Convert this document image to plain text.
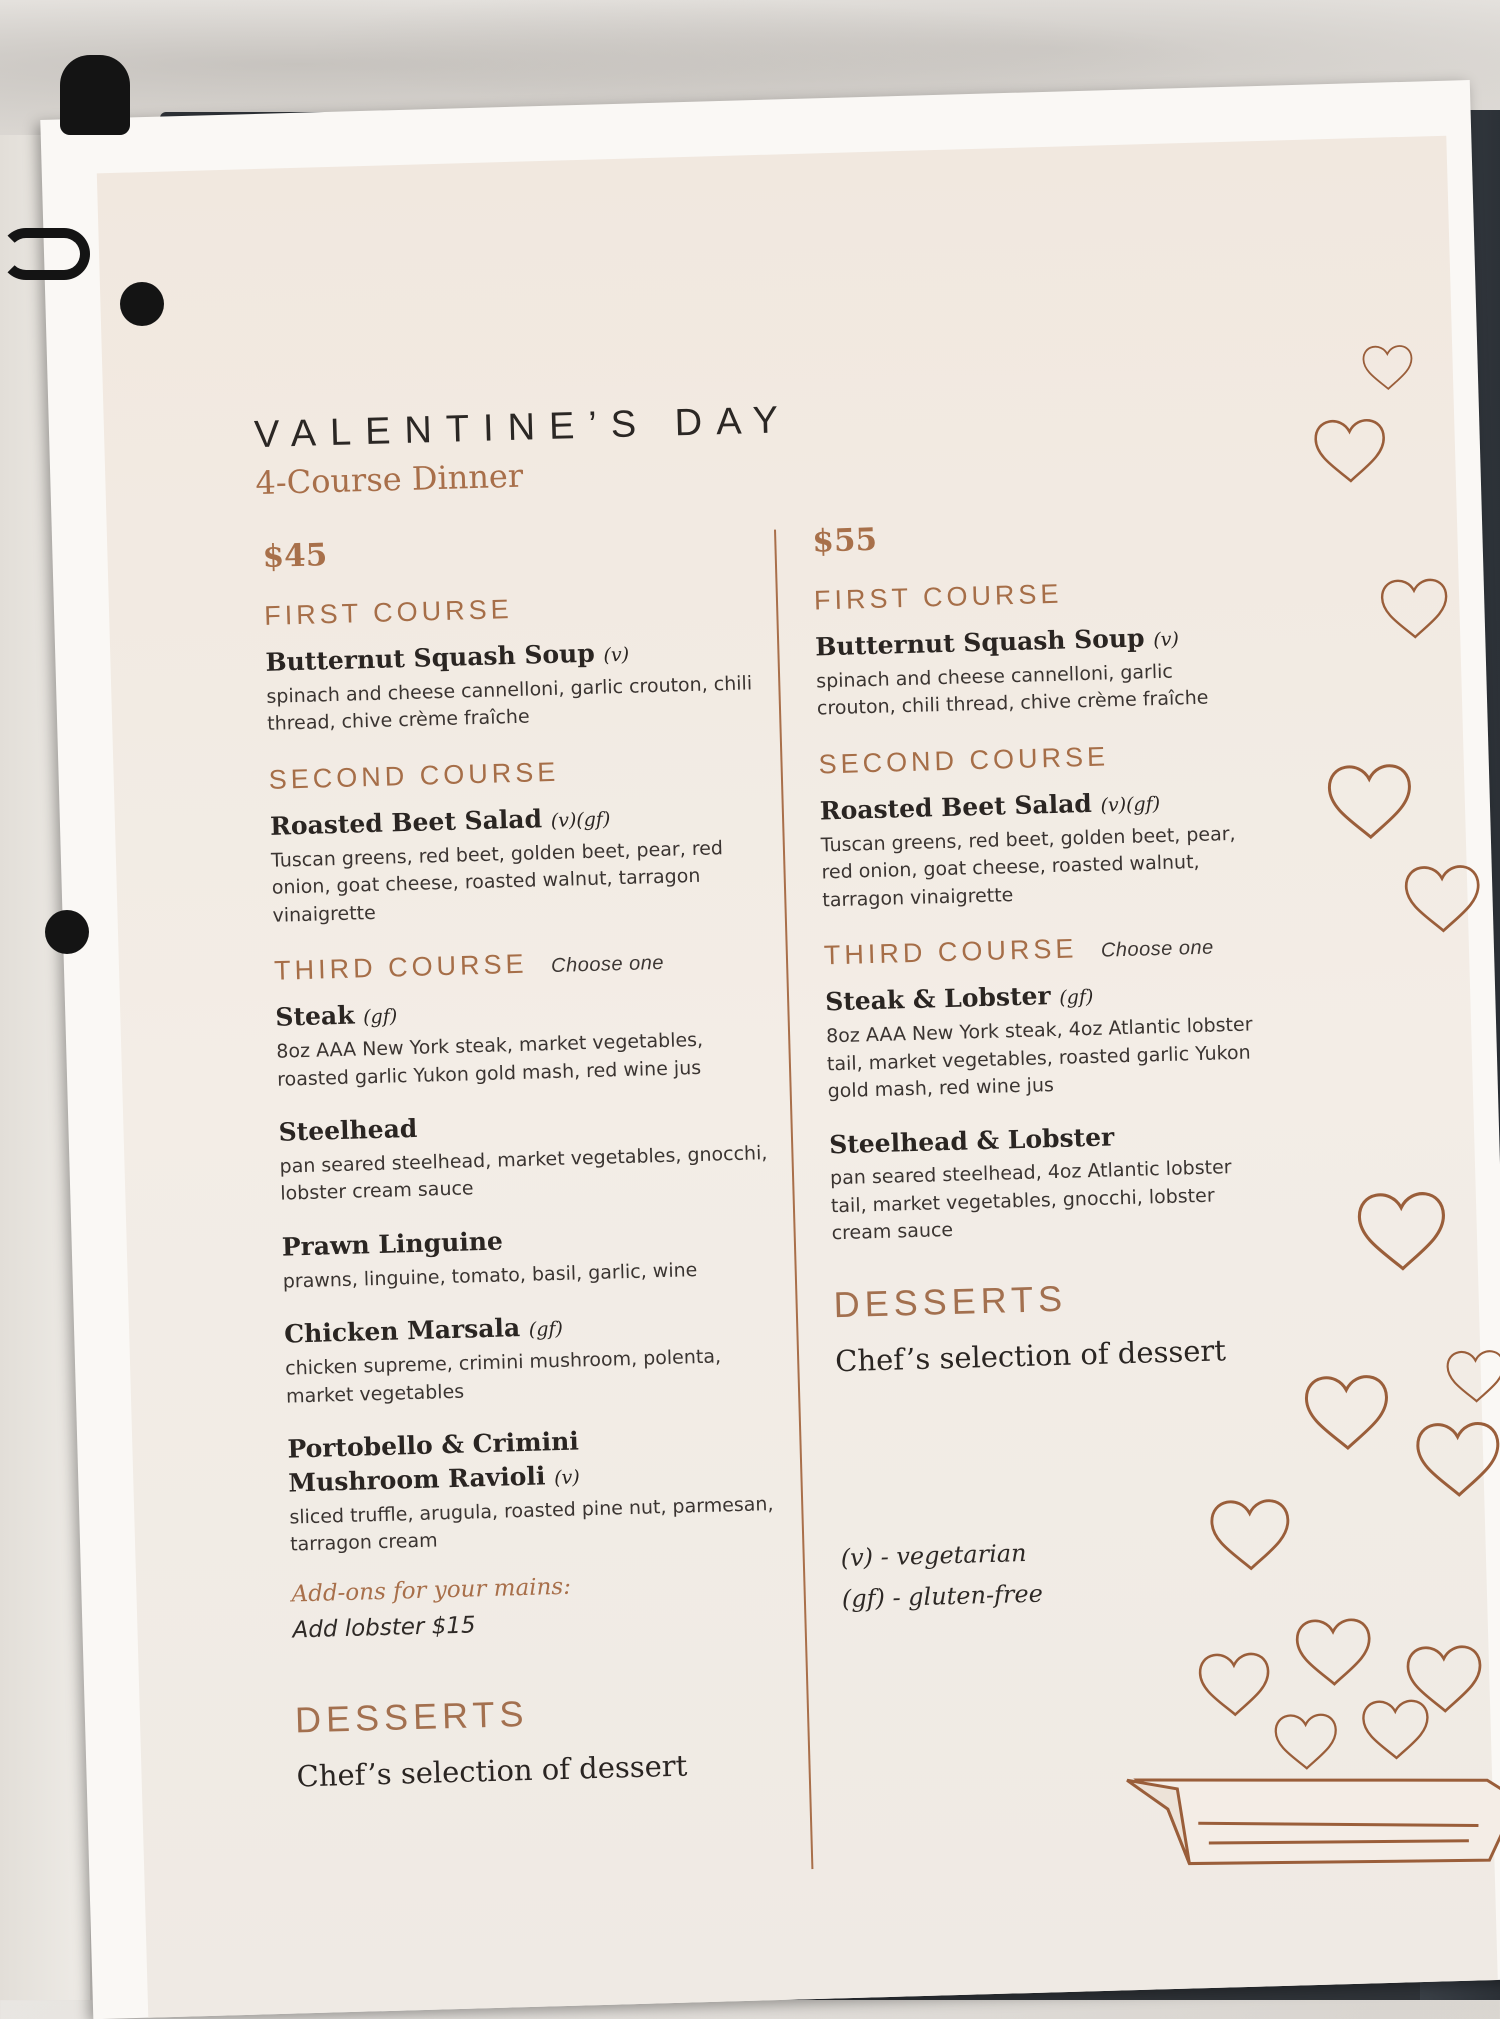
VALENTINE’S DAY
4-Course Dinner
$45
FIRST COURSE
Butternut Squash Soup (v)
spinach and cheese cannelloni, garlic crouton, chili thread, chive crème fraîche
SECOND COURSE
Roasted Beet Salad (v)(gf)
Tuscan greens, red beet, golden beet, pear, red onion, goat cheese, roasted walnut, tarragon vinaigrette
THIRD COURSE Choose one
Steak (gf)
8oz AAA New York steak, market vegetables, roasted garlic Yukon gold mash, red wine jus
Steelhead
pan seared steelhead, market vegetables, gnocchi, lobster cream sauce
Prawn Linguine
prawns, linguine, tomato, basil, garlic, wine
Chicken Marsala (gf)
chicken supreme, crimini mushroom, polenta, market vegetables
Portobello & Crimini Mushroom Ravioli (v)
sliced truffle, arugula, roasted pine nut, parmesan, tarragon cream
Add-ons for your mains:
Add lobster $15
DESSERTS
Chef’s selection of dessert
$55
FIRST COURSE
Butternut Squash Soup (v)
spinach and cheese cannelloni, garlic crouton, chili thread, chive crème fraîche
SECOND COURSE
Roasted Beet Salad (v)(gf)
Tuscan greens, red beet, golden beet, pear, red onion, goat cheese, roasted walnut, tarragon vinaigrette
THIRD COURSE Choose one
Steak & Lobster (gf)
8oz AAA New York steak, 4oz Atlantic lobster tail, market vegetables, roasted garlic Yukon gold mash, red wine jus
Steelhead & Lobster
pan seared steelhead, 4oz Atlantic lobster tail, market vegetables, gnocchi, lobster cream sauce
DESSERTS
Chef’s selection of dessert
(v) - vegetarian
(gf) - gluten-free
